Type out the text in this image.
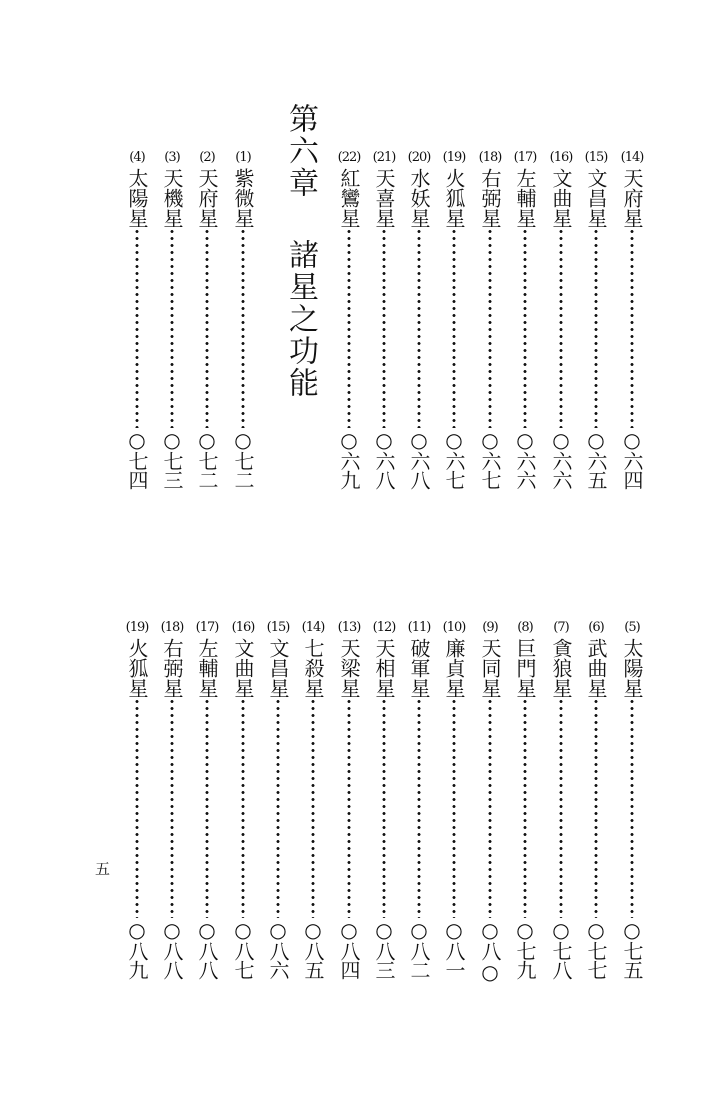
(14)
天府星
○六四
(15)
文昌星
○六五
(16)
文曲星
○六六
(17)
左輔星
○六六
(18)
右弼星
○六七
(19)
火狐星
○六七
(20)
水妖星
○六八
(21)
天喜星
○六八
(22)
紅鸞星
○六九
第六章諸星之功能
(1)
紫微星
○七二
(2)
天府星
○七二
(3)
天機星
○七三
(4)
太陽星
○七四
(5)
太陽星
○七五
(6)
武曲星
○七七
(7)
貪狼星
○七八
(8)
巨門星
○七九
(9)
天同星
○八○
(10)
廉貞星
○八一
(11)
破軍星
○八二
(12)
天相星
○八三
(13)
天梁星
○八四
(14)
七殺星
○八五
(15)
文昌星
○八六
(16)
文曲星
○八七
(17)
左輔星
○八八
(18)
右弼星
○八八
(19)
火狐星
○八九
五
